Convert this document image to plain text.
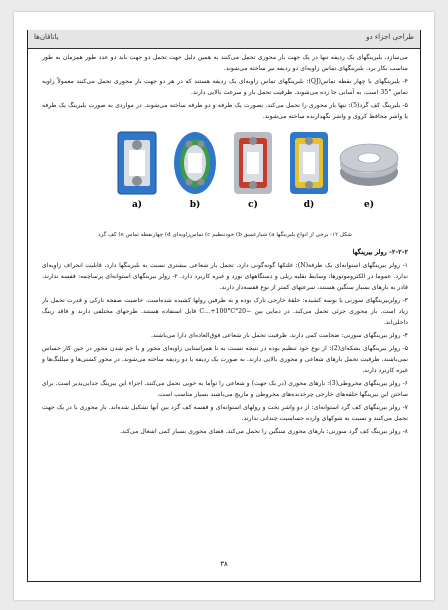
طراحی اجزاء دو
یاتاقان‌ها

می‌سازد. بلبرینگهای یک ردیفه تنها در یک جهت بار محوری تحمل می‌کنند به همین دلیل جهت تحمل دو جهت باید دو عدد طور همزمان به طور مناسب بکار برد. بلبرینگهای تماس زاویه‌ای دو ردیفه نیز ساخته می‌شوند.

۴- بلبرینگهای با چهار نقطه تماس(QJ): بلبرینگهای تماس زاویه‌ای یک ردیفه هستند که در هر دو جهت بار محوری تحمل می‌کنند معمولاً زاویه تماس °35 است. به آسانی جا زده می‌شوند. ظرفیت تحمل بار و سرعت بالایی دارند.

۵- بلبرینگ کف گرد(5): تنها بار محوری را تحمل می‌کند. بصورت یک طرفه و دو طرفه ساخته می‌شوند. در مواردی به صورت بلبرینگ یک طرفه یا واشر محافظ کروی و واشر نگهدارنده ساخته می‌شوند.

a)	b)	c)	d)	e)
شکل ۱۲- برخی از انواع بلبرینگها a) شیارعمیق b) خودتنظیم c) تماس‌زاویه‌ای d) چهارنقطه تماس e) کف گرد
۲-۲-۲- رولر بیرینگها

۱- رولر بیرینگهای استوانه‌ای یک طرفه(N): غلتکها گونه‌گونی دارد. تحمل بار شعاعی بیشتری نسبت به بلبرینگها دارد. قابلیت انحراف زاویه‌ای ندارد. عموما در الکتروموتورها، وسایط نقلیه ریلی و دستگاههای نورد و غیره کاربرد دارد. ۲- رولر بیرینگهای استوانه‌ای پرساچمه: قفسه ندارند، قادر به بارهای بسیار سنگین هستند، سرعتهای کمتر از نوع قفسه‌دار دارند.

۳- رولربیرینگهای سوزنی یا بوسه‌ کشیده: حلقهٔ خارجی نازک بوده و به طرفین رولها کشیده شده‌است. خاصیت صفحه‌ نازکی و قدرت تحمل بار زیاد است. بار محوری جزئی تحمل می‌کند. در دمایی بین −20°C…+100°C قابل استفاده هستند. طرحهای مختلفی دارند و فاقد رینگ داخلی‌اند.

۴- رولر بیرینگهای سوزنی: ضخامت کمی دارند. ظرفیت تحمل بار شعاعی فوق‌العاده‌ای دارا می‌باشند.

۵- رولر بیرینگهای بشکه‌ای(2): از نوع خود تنظیم بوده در نتیجه نسبت به نا همراستایی زاویه‌ای محور و یا خم شدن محور در حین کار حساس نمی‌باشند. ظرفیت تحمل بارهای شعاعی و محوری بالایی دارند. به صورت یک ردیفه یا دو ردیفه ساخته می‌شوند. در محور کشتی‌ها و میللنگ‌ها و غیره کاربرد دارند.

۶- رولر بیرینگهای مخروطی(3): بارهای محوری (در یک جهت) و شعاعی را توأما به خوبی تحمل می‌کنند. اجزاء این بیرینگ جدایی‌پذیر است. برای ساختن این بیرینگها حلقه‌های خارجی چرخدنده‌های مخروطی و ماریچ می‌باشند بسیار مناسب است.

۷- رولر بیرینگهای کف گرد استوانه‌ای: از دو واشر تخت و رولهای استوانه‌ای و قفسه کف گرد بین آنها تشکیل شده‌اند. بار محوری با در یک جهت تحمل می‌کنند و نسبت به شوکهای وارده حساسیت چندانی ندارند.

۸- رولر بیرینگ کف گرد سوزنی: بارهای محوری سنگین را تحمل می‌کند. فضای محوری بسیار کمی اشغال می‌کند.

٣٨
